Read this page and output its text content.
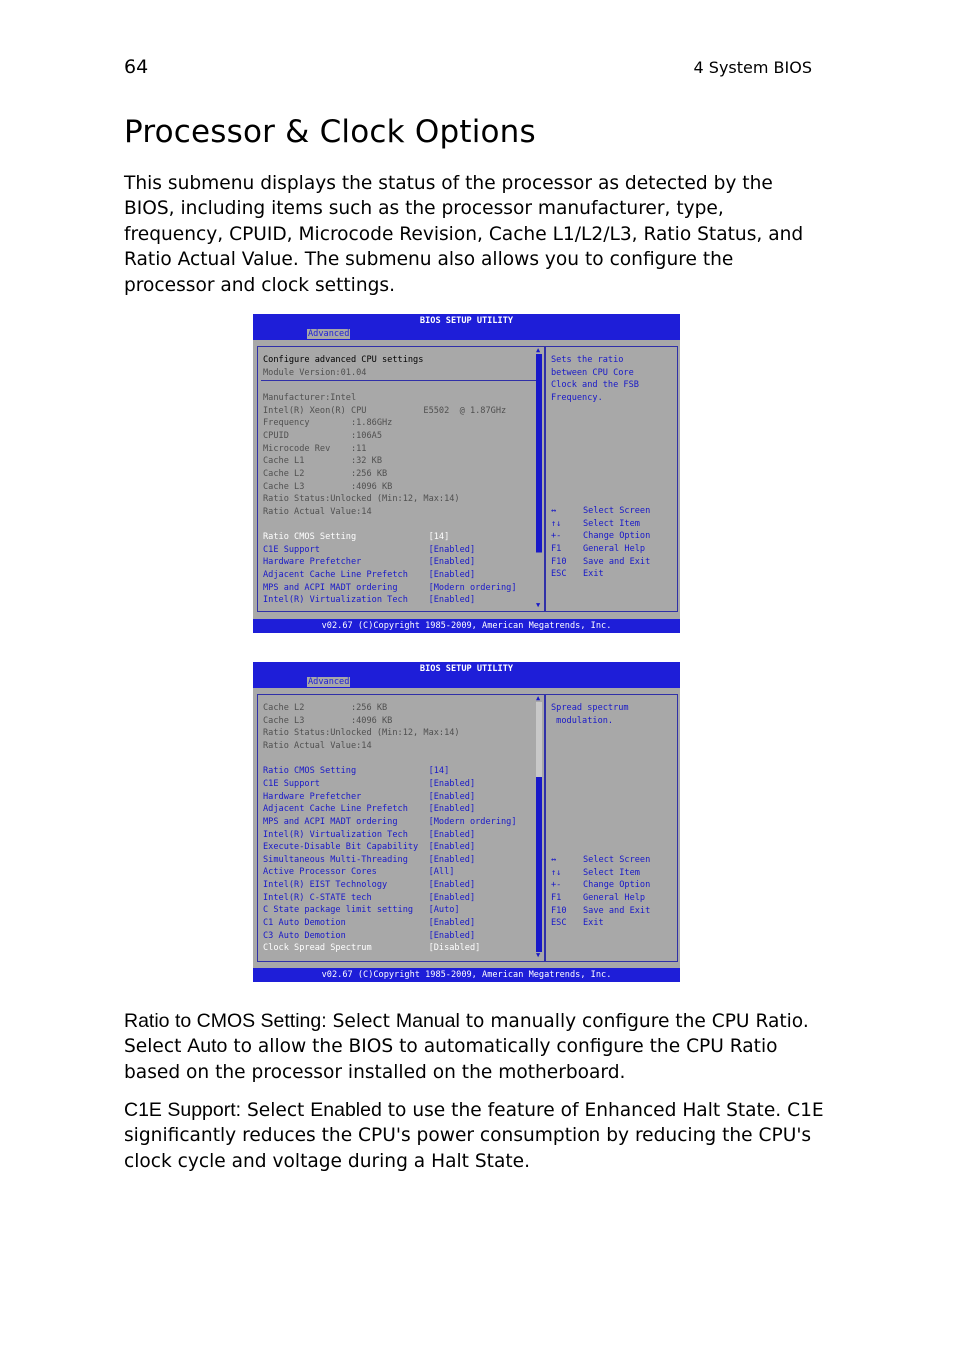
64	4 System BIOS
Processor & Clock Options

This submenu displays the status of the processor as detected by the BIOS, including items such as the processor manufacturer, type, frequency, CPUID, Microcode Revision, Cache L1/L2/L3, Ratio Status, and Ratio Actual Value. The submenu also allows you to configure the processor and clock settings.

BIOS SETUP UTILITY
Advanced
v02.67 (C)Copyright 1985-2009, American Megatrends, Inc.
Configure advanced CPU settings
Module Version:01.04
Manufacturer:Intel
Intel(R) Xeon(R) CPU           E5502  @ 1.87GHz
Frequency        :1.86GHz
CPUID            :106A5
Microcode Rev    :11
Cache L1         :32 KB
Cache L2         :256 KB
Cache L3         :4096 KB
Ratio Status:Unlocked (Min:12, Max:14)
Ratio Actual Value:14
Ratio CMOS Setting              [14]
C1E Support                     [Enabled]
Hardware Prefetcher             [Enabled]
Adjacent Cache Line Prefetch    [Enabled]
MPS and ACPI MADT ordering      [Modern ordering]
Intel(R) Virtualization Tech    [Enabled]
▲
▼
Sets the ratio
between CPU Core
Clock and the FSB
Frequency.
↔	Select Screen
↑↓	Select Item
+-	Change Option
F1	General Help
F10 Save and Exit
ESC Exit
BIOS SETUP UTILITY
Advanced
v02.67 (C)Copyright 1985-2009, American Megatrends, Inc.
Cache L2         :256 KB
Cache L3         :4096 KB
Ratio Status:Unlocked (Min:12, Max:14)
Ratio Actual Value:14
Ratio CMOS Setting              [14]
C1E Support                     [Enabled]
Hardware Prefetcher             [Enabled]
Adjacent Cache Line Prefetch    [Enabled]
MPS and ACPI MADT ordering      [Modern ordering]
Intel(R) Virtualization Tech    [Enabled]
Execute-Disable Bit Capability  [Enabled]
Simultaneous Multi-Threading    [Enabled]
Active Processor Cores          [All]
Intel(R) EIST Technology        [Enabled]
Intel(R) C-STATE tech           [Enabled]
C State package limit setting   [Auto]
C1 Auto Demotion                [Enabled]
C3 Auto Demotion                [Enabled]
Clock Spread Spectrum           [Disabled]
▲
▼
Spread spectrum
modulation.
↔	Select Screen
↑↓	Select Item
+-	Change Option
F1	General Help
F10 Save and Exit
ESC Exit

Ratio to CMOS Setting: Select Manual to manually configure the CPU Ratio. Select Auto to allow the BIOS to automatically configure the CPU Ratio based on the processor installed on the motherboard.

C1E Support: Select Enabled to use the feature of Enhanced Halt State. C1E significantly reduces the CPU's power consumption by reducing the CPU's clock cycle and voltage during a Halt State.
